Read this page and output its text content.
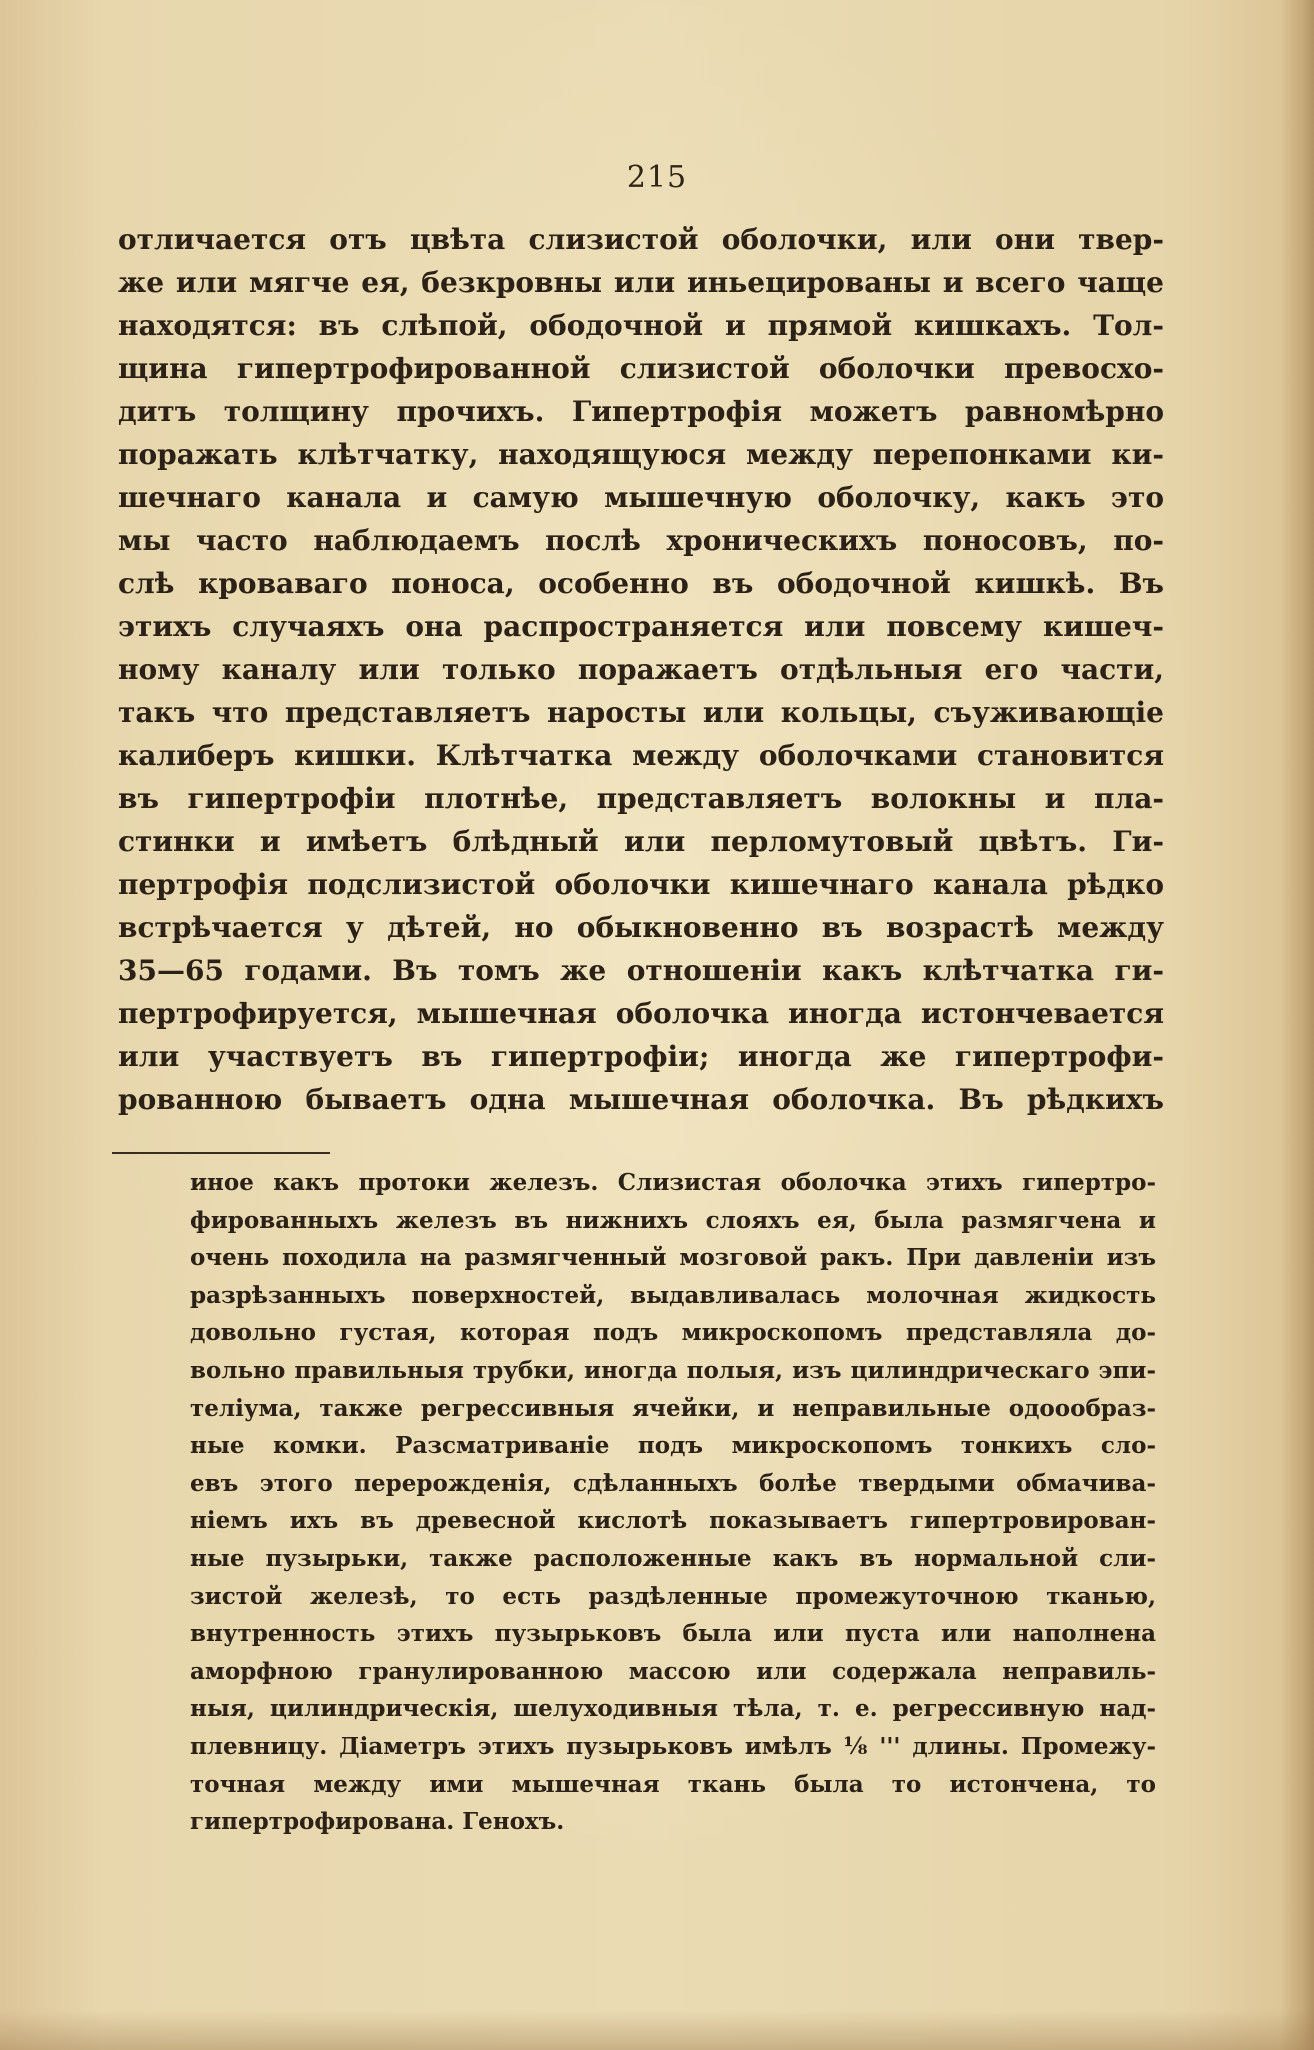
215
отличается отъ цвѣта слизистой оболочки, или они твер-
же или мягче ея, безкровны или иньецированы и всего чаще
находятся: въ слѣпой, ободочной и прямой кишкахъ. Тол-
щина гипертрофированной слизистой оболочки превосхо-
дитъ толщину прочихъ. Гипертрофія можетъ равномѣрно
поражать клѣтчатку, находящуюся между перепонками ки-
шечнаго канала и самую мышечную оболочку, какъ это
мы часто наблюдаемъ послѣ хроническихъ поносовъ, по-
слѣ кроваваго поноса, особенно въ ободочной кишкѣ. Въ
этихъ случаяхъ она распространяется или повсему кишеч-
ному каналу или только поражаетъ отдѣльныя его части,
такъ что представляетъ наросты или кольцы, съуживающіе
калиберъ кишки. Клѣтчатка между оболочками становится
въ гипертрофіи плотнѣе, представляетъ волокны и пла-
стинки и имѣетъ блѣдный или перломутовый цвѣтъ. Ги-
пертрофія подслизистой оболочки кишечнаго канала рѣдко
встрѣчается у дѣтей, но обыкновенно въ возрастѣ между
35—65 годами. Въ томъ же отношеніи какъ клѣтчатка ги-
пертрофируется, мышечная оболочка иногда истончевается
или участвуетъ въ гипертрофіи; иногда же гипертрофи-
рованною бываетъ одна мышечная оболочка. Въ рѣдкихъ
иное какъ протоки железъ. Слизистая оболочка этихъ гипертро-
фированныхъ железъ въ нижнихъ слояхъ ея, была размягчена и
очень походила на размягченный мозговой ракъ. При давленіи изъ
разрѣзанныхъ поверхностей, выдавливалась молочная жидкость
довольно густая, которая подъ микроскопомъ представляла до-
вольно правильныя трубки, иногда полыя, изъ цилиндрическаго эпи-
теліума, также регрессивныя ячейки, и неправильные одоообраз-
ные комки. Разсматриваніе подъ микроскопомъ тонкихъ сло-
евъ этого перерожденія, сдѣланныхъ болѣе твердыми обмачива-
ніемъ ихъ въ древесной кислотѣ показываетъ гипертровирован-
ные пузырьки, также расположенные какъ въ нормальной сли-
зистой железѣ, то есть раздѣленные промежуточною тканью,
внутренность этихъ пузырьковъ была или пуста или наполнена
аморфною гранулированною массою или содержала неправиль-
ныя, цилиндрическія, шелуходивныя тѣла, т. е. регрессивную над-
плевницу. Діаметръ этихъ пузырьковъ имѣлъ ⅛ ''' длины. Промежу-
точная между ими мышечная ткань была то истончена, то
гипертрофирована. Генохъ.
